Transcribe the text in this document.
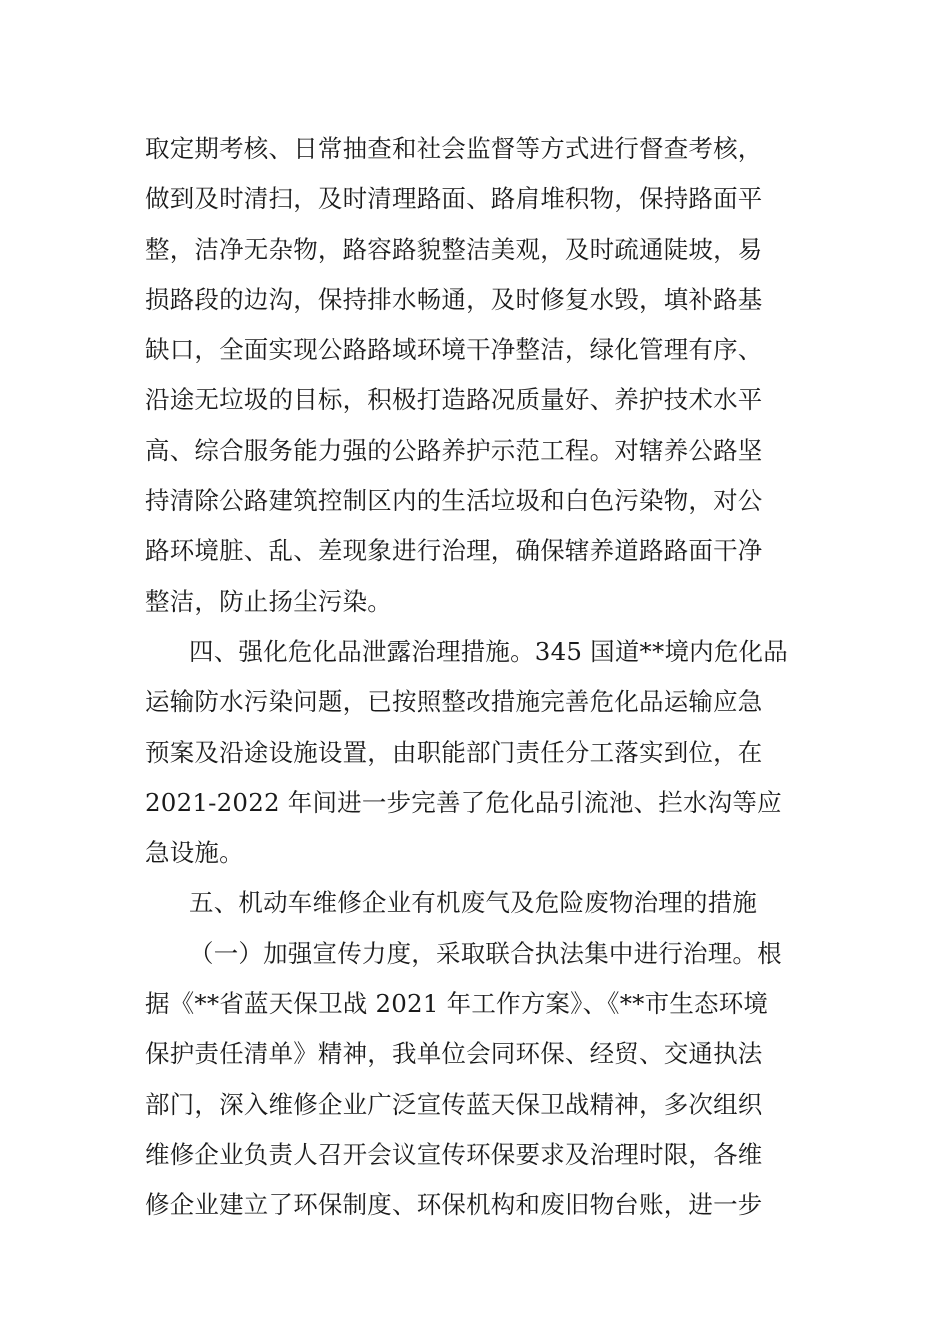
取定期考核、日常抽查和社会监督等方式进行督查考核，
做到及时清扫，及时清理路面、路肩堆积物，保持路面平
整，洁净无杂物，路容路貌整洁美观，及时疏通陡坡，易
损路段的边沟，保持排水畅通，及时修复水毁，填补路基
缺口，全面实现公路路域环境干净整洁，绿化管理有序、
沿途无垃圾的目标，积极打造路况质量好、养护技术水平
高、综合服务能力强的公路养护示范工程。对辖养公路坚
持清除公路建筑控制区内的生活垃圾和白色污染物，对公
路环境脏、乱、差现象进行治理，确保辖养道路路面干净
整洁，防止扬尘污染。
四、强化危化品泄露治理措施。345 国道**境内危化品
运输防水污染问题，已按照整改措施完善危化品运输应急
预案及沿途设施设置，由职能部门责任分工落实到位，在
2021-2022 年间进一步完善了危化品引流池、拦水沟等应
急设施。
五、机动车维修企业有机废气及危险废物治理的措施
（一）加强宣传力度，采取联合执法集中进行治理。根
据《**省蓝天保卫战 2021 年工作方案》、《**市生态环境
保护责任清单》精神，我单位会同环保、经贸、交通执法
部门，深入维修企业广泛宣传蓝天保卫战精神，多次组织
维修企业负责人召开会议宣传环保要求及治理时限，各维
修企业建立了环保制度、环保机构和废旧物台账，进一步
